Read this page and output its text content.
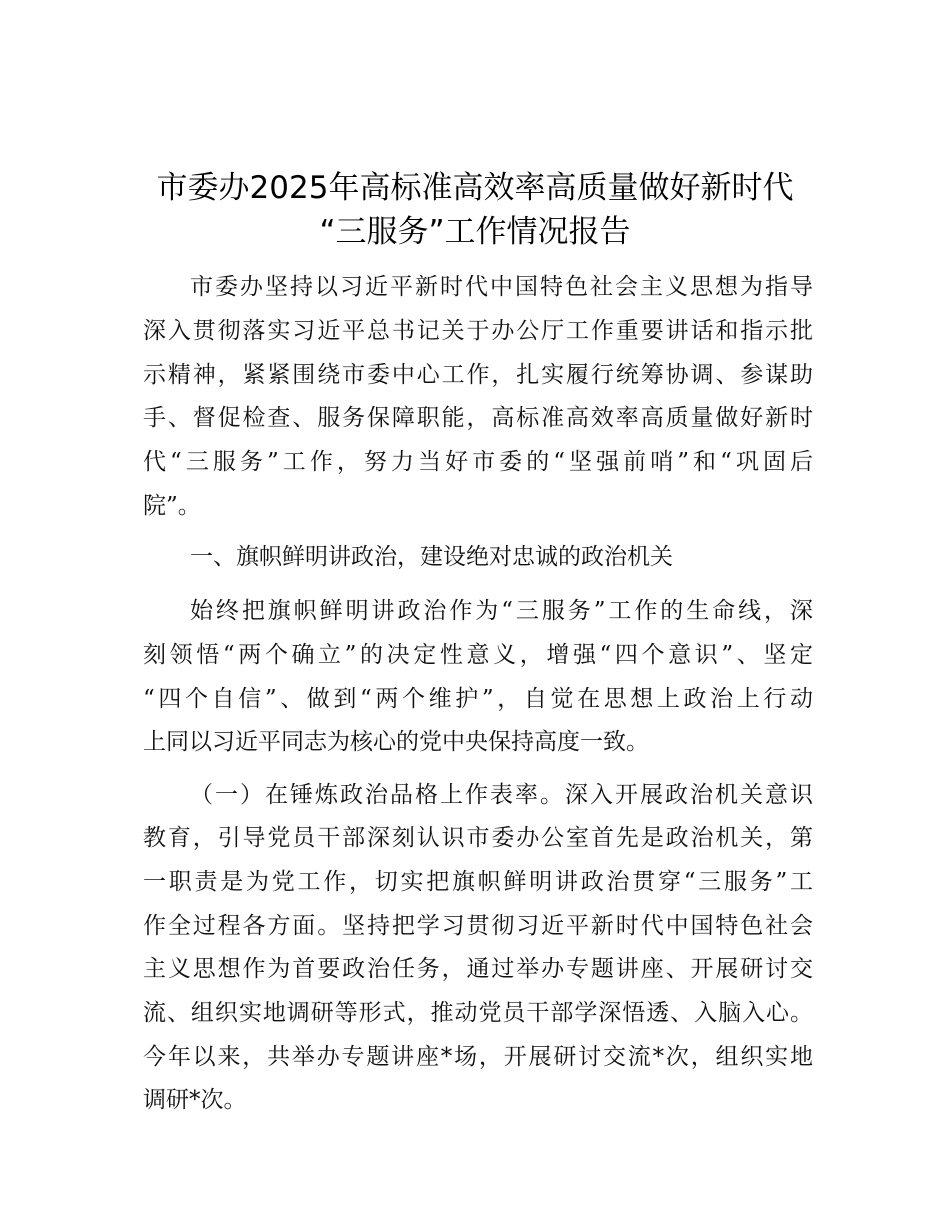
市委办2025年高标准高效率高质量做好新时代
“三服务”工作情况报告
市委办坚持以习近平新时代中国特色社会主义思想为指导
深入贯彻落实习近平总书记关于办公厅工作重要讲话和指示批
示精神，紧紧围绕市委中心工作，扎实履行统筹协调、参谋助
手、督促检查、服务保障职能，高标准高效率高质量做好新时
代“三服务”工作，努力当好市委的“坚强前哨”和“巩固后
院”。
一、旗帜鲜明讲政治，建设绝对忠诚的政治机关
始终把旗帜鲜明讲政治作为“三服务”工作的生命线，深
刻领悟“两个确立”的决定性意义，增强“四个意识”、坚定
“四个自信”、做到“两个维护”，自觉在思想上政治上行动
上同以习近平同志为核心的党中央保持高度一致。
（一）在锤炼政治品格上作表率。深入开展政治机关意识
教育，引导党员干部深刻认识市委办公室首先是政治机关，第
一职责是为党工作，切实把旗帜鲜明讲政治贯穿“三服务”工
作全过程各方面。坚持把学习贯彻习近平新时代中国特色社会
主义思想作为首要政治任务，通过举办专题讲座、开展研讨交
流、组织实地调研等形式，推动党员干部学深悟透、入脑入心。
今年以来，共举办专题讲座*场，开展研讨交流*次，组织实地
调研*次。
